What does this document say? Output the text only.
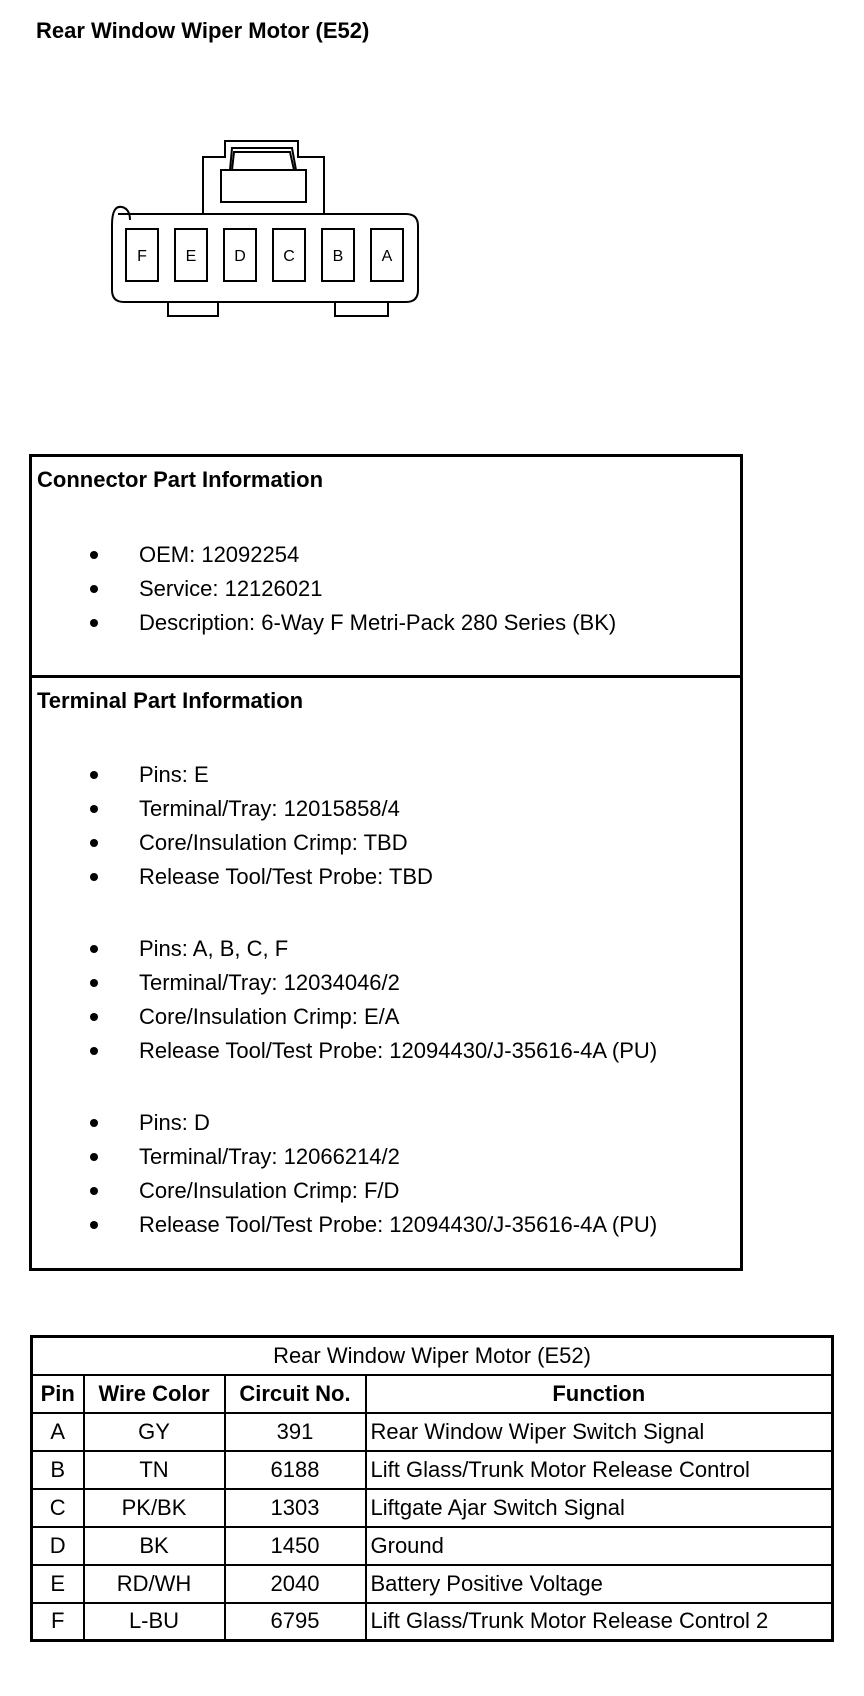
Rear Window Wiper Motor (E52)
F E D C B A
Connector Part Information
OEM: 12092254
Service: 12126021
Description: 6-Way F Metri-Pack 280 Series (BK)
Terminal Part Information
Pins: E
Terminal/Tray: 12015858/4
Core/Insulation Crimp: TBD
Release Tool/Test Probe: TBD
Pins: A, B, C, F
Terminal/Tray: 12034046/2
Core/Insulation Crimp: E/A
Release Tool/Test Probe: 12094430/J-35616-4A (PU)
Pins: D
Terminal/Tray: 12066214/2
Core/Insulation Crimp: F/D
Release Tool/Test Probe: 12094430/J-35616-4A (PU)
Rear Window Wiper Motor (E52)			
Pin	Wire Color	Circuit No.	Function
A	GY	391	Rear Window Wiper Switch Signal
B	TN	6188	Lift Glass/Trunk Motor Release Control
C	PK/BK	1303	Liftgate Ajar Switch Signal
D	BK	1450	Ground
E	RD/WH	2040	Battery Positive Voltage
F	L-BU	6795	Lift Glass/Trunk Motor Release Control 2
